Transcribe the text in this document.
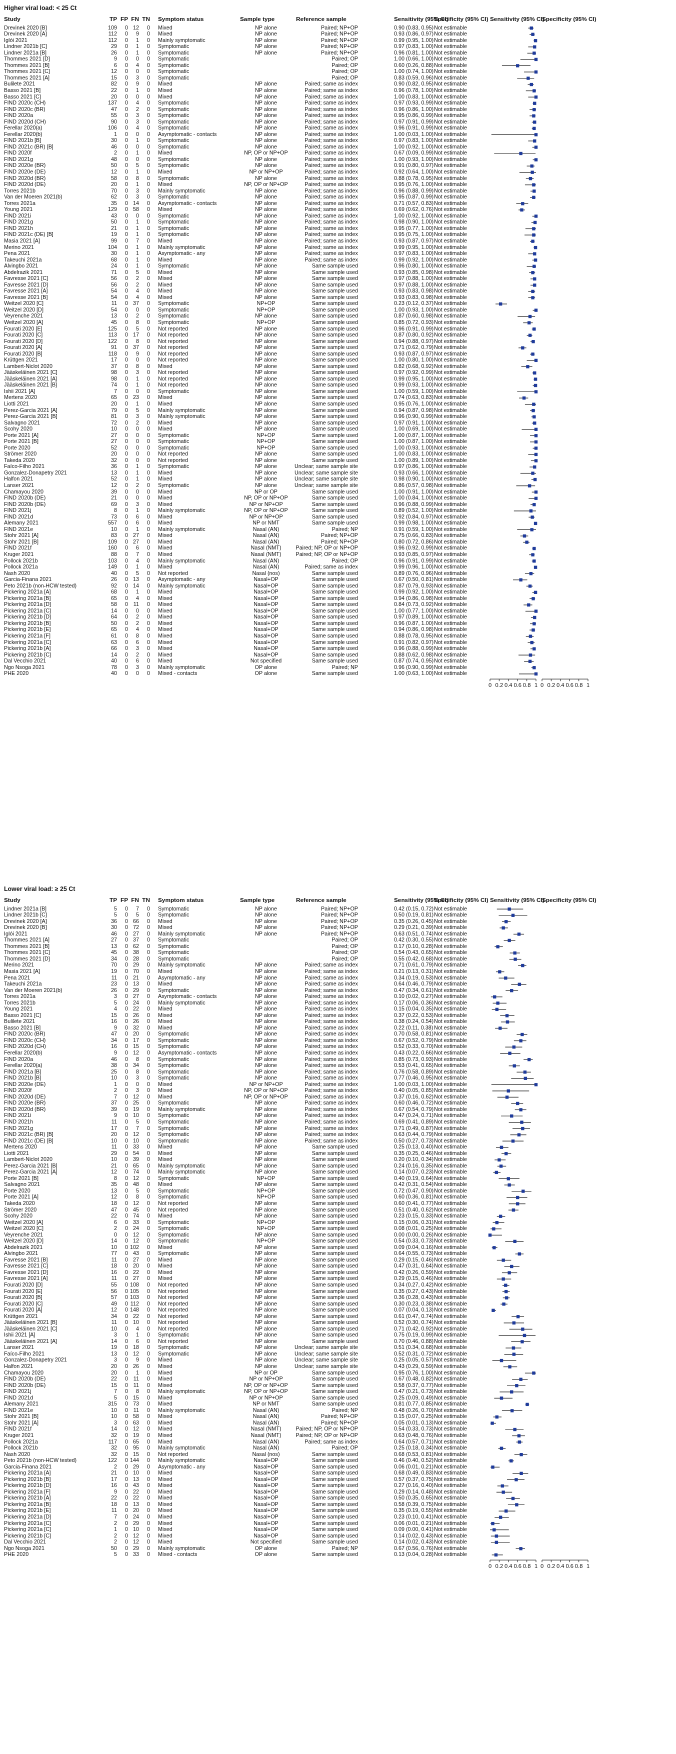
Higher viral load: < 25 Ct
Study	TP FP FN TN Symptom status	Sample type	Reference sample	Sensitivity (95% CI)
Specificity (95% CI) Sensitivity (95% CI)
Specificity (95% CI)
Drevinek 2020 [B]	109 0 12 0 Mixed	NP alone	Paired; NP+OP	0.90 (0.83, 0.95) Not estimable
Drevinek 2020 [A]	112 0 9 0 Mixed	NP alone	Paired; NP+OP	0.93 (0.86, 0.97) Not estimable
Iglói 2021	112 0 1 0 Mainly symptomatic	NP alone	Paired; NP+OP	0.99 (0.95, 1.00) Not estimable
Lindner 2021b [C]	29 0 1 0 Symptomatic	NP alone	Paired; NP+OP	0.97 (0.83, 1.00) Not estimable
Lindner 2021a [B]	26 0 1 0 Symptomatic	NP alone	Paired; NP+OP	0.96 (0.81, 1.00) Not estimable
Thommes 2021 [D]	9 0 0 0 Symptomatic	Paired; OP	1.00 (0.66, 1.00) Not estimable
Thommes 2021 [B]	6 0 4 0 Symptomatic	Paired; OP	0.60 (0.26, 0.88) Not estimable
Thommes 2021 [C]	12 0 0 0 Symptomatic	Paired; OP	1.00 (0.74, 1.00) Not estimable
Thommes 2021 [A]	15 0 3 0 Symptomatic	Paired; OP	0.83 (0.59, 0.96) Not estimable
Bulilete 2021	82 0 9 0 Mixed	NP alone	Paired; same as index	0.90 (0.82, 0.95) Not estimable
Basso 2021 [B]	22 0 1 0 Mixed	NP alone	Paired; same as index	0.96 (0.78, 1.00) Not estimable
Basso 2021 [C]	20 0 0 0 Mixed	NP alone	Paired; same as index	1.00 (0.83, 1.00) Not estimable
FIND 2020c (CH)	137 0 4 0 Symptomatic	NP alone	Paired; same as index	0.97 (0.93, 0.99) Not estimable
FIND 2020c (BR)	47 0 2 0 Symptomatic	NP alone	Paired; same as index	0.96 (0.86, 1.00) Not estimable
FIND 2020a	55 0 3 0 Symptomatic	NP alone	Paired; same as index	0.95 (0.86, 0.99) Not estimable
FIND 2020d (CH)	90 0 3 0 Symptomatic	NP alone	Paired; same as index	0.97 (0.91, 0.99) Not estimable
Ferellar 2020(a)	106 0 4 0 Symptomatic	NP alone	Paired; same as index	0.96 (0.91, 0.99) Not estimable
Ferellar 2020(b)	1 0 0 0 Asymptomatic - contacts	NP alone	Paired; same as index	1.00 (0.03, 1.00) Not estimable
FIND 2021b [B]	30 0 1 0 Symptomatic	NP alone	Paired; same as index	0.97 (0.83, 1.00) Not estimable
FIND 2021c (BR) [B]	46 0 0 0 Symptomatic	NP alone	Paired; same as index	1.00 (0.92, 1.00) Not estimable
FIND 2020f	2 0 1 0 Mixed	NP, OP or NP+OP	Paired; same as index	0.67 (0.09, 0.99) Not estimable
FIND 2021g	48 0 0 0 Symptomatic	NP alone	Paired; same as index	1.00 (0.93, 1.00) Not estimable
FIND 2020e (BR)	50 0 5 0 Symptomatic	NP alone	Paired; same as index	0.91 (0.80, 0.97) Not estimable
FIND 2020e (DE)	12 0 1 0 Mixed	NP or NP+OP	Paired; same as index	0.92 (0.64, 1.00) Not estimable
FIND 2020d (BR)	58 0 8 0 Symptomatic	NP alone	Paired; same as index	0.88 (0.78, 0.95) Not estimable
FIND 2020d (DE)	20 0 1 0 Mixed	NP, OP or NP+OP	Paired; same as index	0.95 (0.76, 1.00) Not estimable
Torres 2021b	70 0 3 0 Mainly symptomatic	NP alone	Paired; same as index	0.96 (0.88, 0.99) Not estimable
Van der Moeren 2021(b)	62 0 3 0 Symptomatic	NP alone	Paired; same as index	0.95 (0.87, 0.99) Not estimable
Torres 2021a	35 0 14 0 Asymptomatic - contacts	NP alone	Paired; same as index	0.71 (0.57, 0.83) Not estimable
Young 2021	129 0 58 0 Mixed	NP alone	Paired; same as index	0.69 (0.62, 0.76) Not estimable
FIND 2021i	43 0 0 0 Symptomatic	NP alone	Paired; same as index	1.00 (0.92, 1.00) Not estimable
FIND 2021g	50 0 1 0 Symptomatic	NP alone	Paired; same as index	0.98 (0.90, 1.00) Not estimable
FIND 2021h	21 0 1 0 Symptomatic	NP alone	Paired; same as index	0.95 (0.77, 1.00) Not estimable
FIND 2021c (DE) [B]	19 0 1 0 Symptomatic	NP alone	Paired; same as index	0.95 (0.75, 1.00) Not estimable
Masia 2021 [A]	99 0 7 0 Mixed	NP alone	Paired; same as index	0.93 (0.87, 0.97) Not estimable
Merino 2021	104 0 1 0 Mainly symptomatic	NP alone	Paired; same as index	0.99 (0.95, 1.00) Not estimable
Pena 2021	30 0 1 0 Asymptomatic - any	NP alone	Paired; same as index	0.97 (0.83, 1.00) Not estimable
Takeuchi 2021a	68 0 1 0 Mixed	NP alone	Paired; same as index	0.99 (0.92, 1.00) Not estimable
Alvingbo 2021	24 0 1 0 Symptomatic	NP alone	Same sample used	0.96 (0.80, 1.00) Not estimable
Abdelrazik 2021	71 0 5 0 Mixed	NP alone	Same sample used	0.93 (0.85, 0.98) Not estimable
Favresse 2021 [C]	56 0 2 0 Mixed	NP alone	Same sample used	0.97 (0.88, 1.00) Not estimable
Favresse 2021 [D]	56 0 2 0 Mixed	NP alone	Same sample used	0.97 (0.88, 1.00) Not estimable
Favresse 2021 [A]	54 0 4 0 Mixed	NP alone	Same sample used	0.93 (0.83, 0.98) Not estimable
Favresse 2021 [B]	54 0 4 0 Mixed	NP alone	Same sample used	0.93 (0.83, 0.98) Not estimable
Weitzel 2020 [C]	11 0 37 0 Symptomatic	NP+OP	Same sample used	0.23 (0.12, 0.37) Not estimable
Weitzel 2020 [D]	54 0 0 0 Symptomatic	NP+OP	Same sample used	1.00 (0.93, 1.00) Not estimable
Veyrenche 2021	13 0 2 0 Symptomatic	NP alone	Same sample used	0.87 (0.60, 0.98) Not estimable
Weitzel 2020 [A]	45 0 8 0 Symptomatic	NP+OP	Same sample used	0.85 (0.72, 0.93) Not estimable
Fourati 2020 [E]	125 0 5 0 Not reported	NP alone	Same sample used	0.96 (0.91, 0.99) Not estimable
Fourati 2020 [C]	113 0 17 0 Not reported	NP alone	Same sample used	0.87 (0.80, 0.92) Not estimable
Fourati 2020 [D]	122 0 8 0 Not reported	NP alone	Same sample used	0.94 (0.88, 0.97) Not estimable
Fourati 2020 [A]	91 0 37 0 Not reported	NP alone	Same sample used	0.71 (0.62, 0.79) Not estimable
Fourati 2020 [B]	118 0 9 0 Not reported	NP alone	Same sample used	0.93 (0.87, 0.97) Not estimable
Krüttgen 2021	17 0 0 0 Not reported	NP alone	Same sample used	1.00 (0.80, 1.00) Not estimable
Lambert-Niclot 2020	37 0 8 0 Mixed	NP alone	Same sample used	0.82 (0.68, 0.92) Not estimable
Jääskeläinen 2021 [C]	98 0 3 0 Not reported	NP alone	Same sample used	0.97 (0.92, 0.99) Not estimable
Jääskeläinen 2021 [A]	98 0 1 0 Not reported	NP alone	Same sample used	0.99 (0.95, 1.00) Not estimable
Jääskeläinen 2021 [B]	74 0 1 0 Not reported	NP alone	Same sample used	0.99 (0.93, 1.00) Not estimable
Ishii 2021 [A]	7 0 0 0 Symptomatic	NP alone	Same sample used	1.00 (0.59, 1.00) Not estimable
Mertens 2020	65 0 23 0 Mixed	NP alone	Same sample used	0.74 (0.63, 0.83) Not estimable
Liotti 2021	20 0 1 0 Mixed	NP alone	Same sample used	0.95 (0.76, 1.00) Not estimable
Perez-Garcia 2021 [A]	79 0 5 0 Mainly symptomatic	NP alone	Same sample used	0.94 (0.87, 0.98) Not estimable
Perez-Garcia 2021 [B]	81 0 3 0 Mainly symptomatic	NP alone	Same sample used	0.96 (0.90, 0.99) Not estimable
Salvagno 2021	72 0 2 0 Mixed	NP alone	Same sample used	0.97 (0.91, 1.00) Not estimable
Scohy 2020	10 0 0 0 Mixed	NP alone	Same sample used	1.00 (0.69, 1.00) Not estimable
Porte 2021 [A]	27 0 0 0 Symptomatic	NP+OP	Same sample used	1.00 (0.87, 1.00) Not estimable
Porte 2021 [B]	27 0 0 0 Symptomatic	NP+OP	Same sample used	1.00 (0.87, 1.00) Not estimable
Porte 2020	52 0 0 0 Symptomatic	NP+OP	Same sample used	1.00 (0.93, 1.00) Not estimable
Strömer 2020	20 0 0 0 Not reported	NP alone	Same sample used	1.00 (0.83, 1.00) Not estimable
Takeda 2020	32 0 0 0 Not reported	NP alone	Same sample used	1.00 (0.89, 1.00) Not estimable
Faíco-Filho 2021	36 0 1 0 Symptomatic	NP alone	Unclear; same sample site	0.97 (0.86, 1.00) Not estimable
Gonzalez-Donapetry 2021	13 0 1 0 Mixed	NP alone	Unclear; same sample site	0.93 (0.66, 1.00) Not estimable
Halfon 2021	52 0 1 0 Mixed	NP alone	Unclear; same sample site	0.98 (0.90, 1.00) Not estimable
Lanser 2021	12 0 2 0 Symptomatic	NP alone	Unclear; same sample site	0.86 (0.57, 0.98) Not estimable
Chamayou 2020	39 0 0 0 Mixed	NP or OP	Same sample used	1.00 (0.91, 1.00) Not estimable
FIND 2020b (DE)	21 0 0 0 Mixed	NP, OP or NP+OP	Same sample used	1.00 (0.84, 1.00) Not estimable
FIND 2020b (DE)	69 0 3 0 Mixed	NP or NP+OP	Same sample used	0.96 (0.88, 0.99) Not estimable
FIND 2021j	8 0 1 0 Mainly symptomatic	NP, OP or NP+OP	Same sample used	0.89 (0.52, 1.00) Not estimable
FIND 2021d	73 0 6 0 Mixed	NP or NP+OP	Same sample used	0.92 (0.84, 0.97) Not estimable
Alemany 2021	557 0 6 0 Mixed	NP or NMT	Same sample used	0.99 (0.98, 1.00) Not estimable
FIND 2021e	10 0 1 0 Mainly symptomatic	Nasal (AN)	Paired; NP	0.91 (0.59, 1.00) Not estimable
Stohr 2021 [A]	83 0 27 0 Mixed	Nasal (AN)	Paired; NP+OP	0.75 (0.66, 0.83) Not estimable
Stohr 2021 [B]	109 0 27 0 Mixed	Nasal (AN)	Paired; NP+OP	0.80 (0.72, 0.86) Not estimable
FIND 2021f	160 0 6 0 Mixed	Nasal (NMT)	Paired; NP, OP or NP+OP	0.96 (0.92, 0.99) Not estimable
Kruger 2021	88 0 7 0 Mixed	Nasal (NMT)	Paired; NP, OP or NP+OP	0.93 (0.85, 0.97) Not estimable
Pollock 2021b	103 0 4 0 Mainly symptomatic	Nasal (AN)	Paired; OP	0.96 (0.91, 0.99) Not estimable
Pollock 2021a	149 0 1 0 Mixed	Nasal (AN)	Paired; same as index	0.99 (0.96, 1.00) Not estimable
Nash 2020	40 0 5 0 Not reported	Nasal (nos)	Same sample used	0.89 (0.76, 0.96) Not estimable
Garcia-Finana 2021	26 0 13 0 Asymptomatic - any	Nasal+OP	Same sample used	0.67 (0.50, 0.81) Not estimable
Peto 2021b (non-HCW tested)	92 0 14 0 Mainly symptomatic	Nasal+OP	Same sample used	0.87 (0.79, 0.93) Not estimable
Pickering 2021a [A]	68 0 1 0 Mixed	Nasal+OP	Same sample used	0.99 (0.92, 1.00) Not estimable
Pickering 2021a [B]	65 0 4 0 Mixed	Nasal+OP	Same sample used	0.94 (0.86, 0.98) Not estimable
Pickering 2021a [D]	58 0 11 0 Mixed	Nasal+OP	Same sample used	0.84 (0.73, 0.92) Not estimable
Pickering 2021a [C]	14 0 0 0 Mixed	Nasal+OP	Same sample used	1.00 (0.77, 1.00) Not estimable
Pickering 2021b [D]	64 0 2 0 Mixed	Nasal+OP	Same sample used	0.97 (0.89, 1.00) Not estimable
Pickering 2021b [B]	50 0 2 0 Mixed	Nasal+OP	Same sample used	0.96 (0.87, 1.00) Not estimable
Pickering 2021b [E]	65 0 4 0 Mixed	Nasal+OP	Same sample used	0.94 (0.86, 0.98) Not estimable
Pickering 2021a [F]	61 0 8 0 Mixed	Nasal+OP	Same sample used	0.88 (0.78, 0.95) Not estimable
Pickering 2021a [C]	63 0 6 0 Mixed	Nasal+OP	Same sample used	0.91 (0.82, 0.97) Not estimable
Pickering 2021b [A]	66 0 3 0 Mixed	Nasal+OP	Same sample used	0.96 (0.88, 0.99) Not estimable
Pickering 2021b [C]	14 0 2 0 Mixed	Nasal+OP	Same sample used	0.88 (0.62, 0.98) Not estimable
Dal Vecchio 2021	40 0 6 0 Mixed	Not specified	Same sample used	0.87 (0.74, 0.95) Not estimable
Ngo Nsoga 2021	78 0 3 0 Mainly symptomatic	OP alone	Paired; NP	0.96 (0.90, 0.99) Not estimable
PHE 2020	40 0 0 0 Mixed - contacts	OP alone	Same sample used	1.00 (0.63, 1.00) Not estimable
0 0.2 0.4 0.6 0.8 1 0 0.2 0.4 0.6 0.8 1
Lower viral load: ≥ 25 Ct
Study	TP FP FN TN Symptom status	Sample type	Reference sample	Sensitivity (95% CI)
Specificity (95% CI) Sensitivity (95% CI)
Specificity (95% CI)
Lindner 2021a [B]	5 0 7 0 Symptomatic	NP alone	Paired; NP+OP	0.42 (0.15, 0.72) Not estimable
Lindner 2021b [C]	5 0 5 0 Symptomatic	NP alone	Paired; NP+OP	0.50 (0.19, 0.81) Not estimable
Drevinek 2020 [A]	36 0 66 0 Mixed	NP alone	Paired; NP+OP	0.35 (0.26, 0.45) Not estimable
Drevinek 2020 [B]	30 0 72 0 Mixed	NP alone	Paired; NP+OP	0.29 (0.21, 0.39) Not estimable
Iglói 2021	46 0 27 0 Mainly symptomatic	NP alone	Paired; NP+OP	0.63 (0.51, 0.74) Not estimable
Thommes 2021 [A]	27 0 37 0 Symptomatic	Paired; OP	0.42 (0.30, 0.55) Not estimable
Thommes 2021 [B]	13 0 62 0 Symptomatic	Paired; OP	0.17 (0.10, 0.28) Not estimable
Thommes 2021 [C]	45 0 38 0 Symptomatic	Paired; OP	0.54 (0.43, 0.65) Not estimable
Thommes 2021 [D]	34 0 28 0 Symptomatic	Paired; OP	0.55 (0.42, 0.68) Not estimable
Merino 2021	70 0 29 0 Mainly symptomatic	NP alone	Paired; same as index	0.71 (0.61, 0.79) Not estimable
Masia 2021 [A]	19 0 70 0 Mixed	NP alone	Paired; same as index	0.21 (0.13, 0.31) Not estimable
Pena 2021	11 0 21 0 Asymptomatic - any	NP alone	Paired; same as index	0.34 (0.19, 0.53) Not estimable
Takeuchi 2021a	23 0 13 0 Mixed	NP alone	Paired; same as index	0.64 (0.46, 0.79) Not estimable
Van der Moeren 2021(b)	26 0 29 0 Symptomatic	NP alone	Paired; same as index	0.47 (0.34, 0.61) Not estimable
Torres 2021a	3 0 27 0 Asymptomatic - contacts	NP alone	Paired; same as index	0.10 (0.02, 0.27) Not estimable
Torres 2021b	5 0 24 0 Mainly symptomatic	NP alone	Paired; same as index	0.17 (0.06, 0.36) Not estimable
Young 2021	4 0 22 0 Mixed	NP alone	Paired; same as index	0.15 (0.04, 0.35) Not estimable
Basso 2021 [C]	15 0 26 0 Mixed	NP alone	Paired; same as index	0.37 (0.22, 0.53) Not estimable
Bulilete 2021	16 0 26 0 Mixed	NP alone	Paired; same as index	0.38 (0.24, 0.54) Not estimable
Basso 2021 [B]	9 0 32 0 Mixed	NP alone	Paired; same as index	0.22 (0.11, 0.38) Not estimable
FIND 2020c (BR)	47 0 20 0 Symptomatic	NP alone	Paired; same as index	0.70 (0.58, 0.81) Not estimable
FIND 2020c (CH)	34 0 17 0 Symptomatic	NP alone	Paired; same as index	0.67 (0.52, 0.79) Not estimable
FIND 2020d (CH)	16 0 15 0 Symptomatic	NP alone	Paired; same as index	0.52 (0.33, 0.70) Not estimable
Ferellar 2020(b)	9 0 12 0 Asymptomatic - contacts	NP alone	Paired; same as index	0.43 (0.22, 0.66) Not estimable
FIND 2020a	46 0 8 0 Symptomatic	NP alone	Paired; same as index	0.85 (0.73, 0.93) Not estimable
Ferellar 2020(a)	38 0 34 0 Symptomatic	NP alone	Paired; same as index	0.53 (0.41, 0.65) Not estimable
FIND 2021a [B]	25 0 8 0 Symptomatic	NP alone	Paired; same as index	0.76 (0.58, 0.89) Not estimable
FIND 2021b [B]	10 0 3 0 Symptomatic	NP alone	Paired; same as index	0.77 (0.46, 0.95) Not estimable
FIND 2020e (DE)	1 0 0 0 Mixed	NP or NP+OP	Paired; same as index	1.00 (0.03, 1.00) Not estimable
FIND 2020f	2 0 3 0 Mixed	NP, OP or NP+OP	Paired; same as index	0.40 (0.05, 0.85) Not estimable
FIND 2020d (DE)	7 0 12 0 Mixed	NP, OP or NP+OP	Paired; same as index	0.37 (0.16, 0.62) Not estimable
FIND 2020e (BR)	37 0 25 0 Symptomatic	NP alone	Paired; same as index	0.60 (0.46, 0.72) Not estimable
FIND 2020d (BR)	39 0 19 0 Mainly symptomatic	NP alone	Paired; same as index	0.67 (0.54, 0.79) Not estimable
FIND 2021i	9 0 10 0 Symptomatic	NP alone	Paired; same as index	0.47 (0.24, 0.71) Not estimable
FIND 2021h	11 0 5 0 Symptomatic	NP alone	Paired; same as index	0.69 (0.41, 0.89) Not estimable
FIND 2021g	17 0 7 0 Symptomatic	NP alone	Paired; same as index	0.71 (0.49, 0.87) Not estimable
FIND 2021c (BR) [B]	20 0 12 0 Symptomatic	NP alone	Paired; same as index	0.63 (0.44, 0.79) Not estimable
FIND 2021c (DE) [B]	10 0 10 0 Symptomatic	NP alone	Paired; same as index	0.50 (0.27, 0.73) Not estimable
Mertens 2020	11 0 33 0 Mixed	NP alone	Same sample used	0.25 (0.13, 0.40) Not estimable
Liotti 2021	29 0 54 0 Mixed	NP alone	Same sample used	0.35 (0.25, 0.46) Not estimable
Lambert-Niclot 2020	10 0 39 0 Mixed	NP alone	Same sample used	0.20 (0.10, 0.34) Not estimable
Perez-Garcia 2021 [B]	21 0 65 0 Mainly symptomatic	NP alone	Same sample used	0.24 (0.16, 0.35) Not estimable
Perez-Garcia 2021 [A]	12 0 74 0 Mainly symptomatic	NP alone	Same sample used	0.14 (0.07, 0.23) Not estimable
Porte 2021 [B]	8 0 12 0 Symptomatic	NP+OP	Same sample used	0.40 (0.19, 0.64) Not estimable
Salvagno 2021	35 0 48 0 Mixed	NP alone	Same sample used	0.42 (0.31, 0.54) Not estimable
Porte 2020	13 0 5 0 Symptomatic	NP+OP	Same sample used	0.72 (0.47, 0.90) Not estimable
Porte 2021 [A]	12 0 8 0 Symptomatic	NP+OP	Same sample used	0.60 (0.36, 0.81) Not estimable
Takeda 2020	18 0 12 0 Not reported	NP alone	Same sample used	0.60 (0.41, 0.77) Not estimable
Strömer 2020	47 0 45 0 Not reported	NP alone	Same sample used	0.51 (0.40, 0.62) Not estimable
Scohy 2020	22 0 74 0 Mixed	NP alone	Same sample used	0.23 (0.15, 0.33) Not estimable
Weitzel 2020 [A]	6 0 33 0 Symptomatic	NP+OP	Same sample used	0.15 (0.06, 0.31) Not estimable
Weitzel 2020 [C]	2 0 24 0 Symptomatic	NP+OP	Same sample used	0.08 (0.01, 0.25) Not estimable
Veyrenche 2021	0 0 12 0 Symptomatic	NP alone	Same sample used	0.00 (0.00, 0.26) Not estimable
Weitzel 2020 [D]	14 0 12 0 Symptomatic	NP+OP	Same sample used	0.54 (0.33, 0.73) Not estimable
Abdelrazik 2021	10 0 102 0 Mixed	NP alone	Same sample used	0.09 (0.04, 0.16) Not estimable
Alvingbo 2021	77 0 43 0 Symptomatic	NP alone	Same sample used	0.64 (0.55, 0.73) Not estimable
Favresse 2021 [B]	11 0 27 0 Mixed	NP alone	Same sample used	0.29 (0.15, 0.46) Not estimable
Favresse 2021 [C]	18 0 20 0 Mixed	NP alone	Same sample used	0.47 (0.31, 0.64) Not estimable
Favresse 2021 [D]	16 0 22 0 Mixed	NP alone	Same sample used	0.42 (0.26, 0.59) Not estimable
Favresse 2021 [A]	11 0 27 0 Mixed	NP alone	Same sample used	0.29 (0.15, 0.46) Not estimable
Fourati 2020 [D]	55 0 108 0 Not reported	NP alone	Same sample used	0.34 (0.27, 0.42) Not estimable
Fourati 2020 [E]	56 0 105 0 Not reported	NP alone	Same sample used	0.35 (0.27, 0.43) Not estimable
Fourati 2020 [B]	57 0 103 0 Not reported	NP alone	Same sample used	0.36 (0.28, 0.43) Not estimable
Fourati 2020 [C]	49 0 112 0 Not reported	NP alone	Same sample used	0.30 (0.23, 0.38) Not estimable
Fourati 2020 [A]	12 0 148 0 Not reported	NP alone	Same sample used	0.07 (0.04, 0.13) Not estimable
Krüttgen 2021	34 0 22 0 Not reported	NP alone	Same sample used	0.61 (0.47, 0.74) Not estimable
Jääskeläinen 2021 [B]	11 0 10 0 Not reported	NP alone	Same sample used	0.52 (0.30, 0.74) Not estimable
Jääskeläinen 2021 [C]	10 0 4 0 Not reported	NP alone	Same sample used	0.71 (0.42, 0.92) Not estimable
Ishii 2021 [A]	3 0 1 0 Symptomatic	NP alone	Same sample used	0.75 (0.19, 0.99) Not estimable
Jääskeläinen 2021 [A]	14 0 6 0 Not reported	NP alone	Same sample used	0.70 (0.46, 0.88) Not estimable
Lanser 2021	19 0 18 0 Symptomatic	NP alone	Unclear; same sample site	0.51 (0.34, 0.68) Not estimable
Faíco-Filho 2021	13 0 12 0 Symptomatic	NP alone	Unclear; same sample site	0.52 (0.31, 0.72) Not estimable
Gonzalez-Donapetry 2021	3 0 9 0 Mixed	NP alone	Unclear; same sample site	0.25 (0.05, 0.57) Not estimable
Halfon 2021	20 0 26 0 Mixed	NP alone	Unclear; same sample site	0.43 (0.29, 0.59) Not estimable
Chamayou 2020	20 0 1 0 Mixed	NP or OP	Same sample used	0.95 (0.76, 1.00) Not estimable
FIND 2020b (DE)	22 0 11 0 Mixed	NP or NP+OP	Same sample used	0.67 (0.48, 0.82) Not estimable
FIND 2020b (DE)	15 0 11 0 Mixed	NP, OP or NP+OP	Same sample used	0.58 (0.37, 0.77) Not estimable
FIND 2021j	7 0 8 0 Mainly symptomatic	NP, OP or NP+OP	Same sample used	0.47 (0.21, 0.73) Not estimable
FIND 2021d	5 0 15 0 Mixed	NP or NP+OP	Same sample used	0.25 (0.09, 0.49) Not estimable
Alemany 2021	315 0 73 0 Mixed	NP or NMT	Same sample used	0.81 (0.77, 0.85) Not estimable
FIND 2021e	10 0 11 0 Mainly symptomatic	Nasal (AN)	Paired; NP	0.48 (0.26, 0.70) Not estimable
Stohr 2021 [B]	10 0 58 0 Mixed	Nasal (AN)	Paired; NP+OP	0.15 (0.07, 0.25) Not estimable
Stohr 2021 [A]	3 0 63 0 Mixed	Nasal (AN)	Paired; NP+OP	0.05 (0.01, 0.13) Not estimable
FIND 2021f	14 0 12 0 Mixed	Nasal (NMT)	Paired; NP, OP or NP+OP	0.54 (0.33, 0.73) Not estimable
Kruger 2021	32 0 19 0 Mixed	Nasal (NMT)	Paired; NP, OP or NP+OP	0.63 (0.48, 0.76) Not estimable
Pollock 2021a	117 0 65 0 Mixed	Nasal (AN)	Paired; same as index	0.64 (0.57, 0.71) Not estimable
Pollock 2021b	32 0 95 0 Mainly symptomatic	Nasal (AN)	Paired; OP	0.25 (0.18, 0.34) Not estimable
Nash 2020	32 0 15 0 Not reported	Nasal (nos)	Same sample used	0.68 (0.53, 0.81) Not estimable
Peto 2021b (non-HCW tested)	122 0 144 0 Mainly symptomatic	Nasal+OP	Same sample used	0.46 (0.40, 0.52) Not estimable
Garcia-Finana 2021	2 0 29 0 Asymptomatic - any	Nasal+OP	Same sample used	0.06 (0.01, 0.21) Not estimable
Pickering 2021a [A]	21 0 10 0 Mixed	Nasal+OP	Same sample used	0.68 (0.49, 0.83) Not estimable
Pickering 2021b [B]	17 0 13 0 Mixed	Nasal+OP	Same sample used	0.57 (0.37, 0.75) Not estimable
Pickering 2021b [D]	16 0 43 0 Mixed	Nasal+OP	Same sample used	0.27 (0.16, 0.40) Not estimable
Pickering 2021a [F]	9 0 22 0 Mixed	Nasal+OP	Same sample used	0.29 (0.14, 0.48) Not estimable
Pickering 2021b [A]	22 0 22 0 Mixed	Nasal+OP	Same sample used	0.50 (0.35, 0.65) Not estimable
Pickering 2021a [B]	18 0 13 0 Mixed	Nasal+OP	Same sample used	0.58 (0.39, 0.75) Not estimable
Pickering 2021b [E]	11 0 20 0 Mixed	Nasal+OP	Same sample used	0.35 (0.19, 0.55) Not estimable
Pickering 2021a [D]	7 0 24 0 Mixed	Nasal+OP	Same sample used	0.23 (0.10, 0.41) Not estimable
Pickering 2021a [C]	2 0 29 0 Mixed	Nasal+OP	Same sample used	0.06 (0.01, 0.21) Not estimable
Pickering 2021a [C]	1 0 10 0 Mixed	Nasal+OP	Same sample used	0.09 (0.00, 0.41) Not estimable
Pickering 2021b [C]	2 0 12 0 Mixed	Nasal+OP	Same sample used	0.14 (0.02, 0.43) Not estimable
Dal Vecchio 2021	2 0 12 0 Mixed	Not specified	Same sample used	0.14 (0.02, 0.43) Not estimable
Ngo Nsoga 2021	50 0 29 0 Mainly symptomatic	OP alone	Paired; NP	0.67 (0.56, 0.76) Not estimable
PHE 2020	5 0 33 0 Mixed - contacts	OP alone	Same sample used	0.13 (0.04, 0.28) Not estimable
0 0.2 0.4 0.6 0.8 1 0 0.2 0.4 0.6 0.8 1
